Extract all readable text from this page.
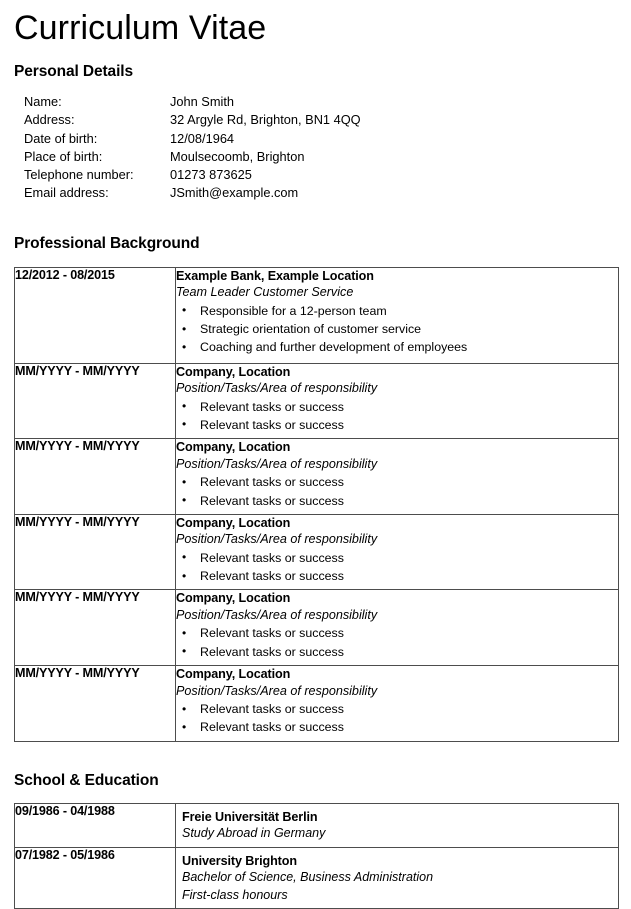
Curriculum Vitae
Personal Details
Name:	John Smith
Address:	32 Argyle Rd, Brighton, BN1 4QQ
Date of birth:	12/08/1964
Place of birth:	Moulsecoomb, Brighton
Telephone number:	01273 873625
Email address:	JSmith@example.com
Professional Background
12/2012 - 08/2015	Example Bank, Example Location
Team Leader Customer Service
• Responsible for a 12-person team
• Strategic orientation of customer service
• Coaching and further development of employees

MM/YYYY - MM/YYYY	Company, Location
Position/Tasks/Area of responsibility
• Relevant tasks or success
• Relevant tasks or success

MM/YYYY - MM/YYYY	Company, Location
Position/Tasks/Area of responsibility
• Relevant tasks or success
• Relevant tasks or success

MM/YYYY - MM/YYYY	Company, Location
Position/Tasks/Area of responsibility
• Relevant tasks or success
• Relevant tasks or success

MM/YYYY - MM/YYYY	Company, Location
Position/Tasks/Area of responsibility
• Relevant tasks or success
• Relevant tasks or success

MM/YYYY - MM/YYYY	Company, Location
Position/Tasks/Area of responsibility
• Relevant tasks or success
• Relevant tasks or success
School & Education
09/1986 - 04/1988	Freie Universität Berlin
Study Abroad in Germany

07/1982 - 05/1986	University Brighton
Bachelor of Science, Business Administration
First-class honours
